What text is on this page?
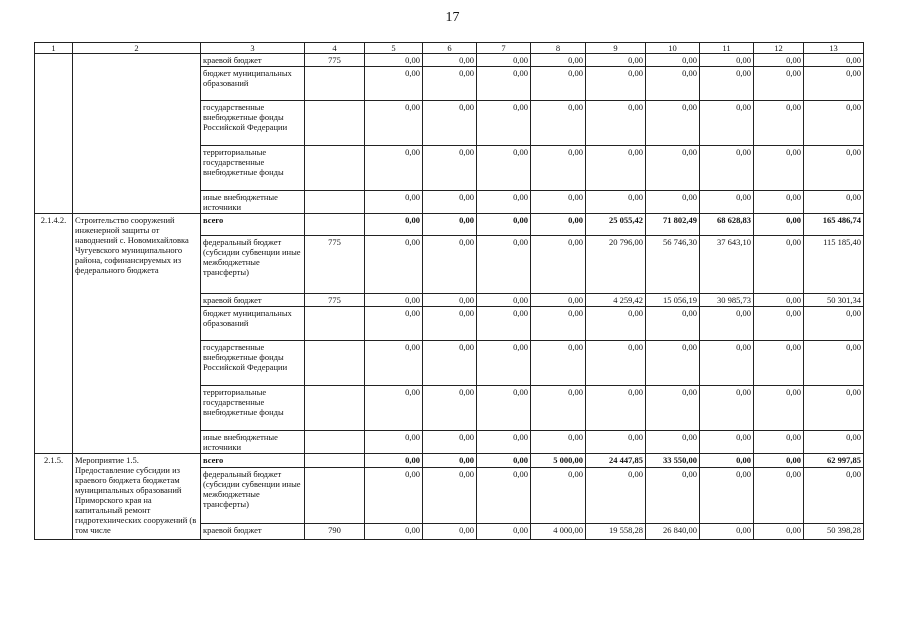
17
1	2	3	4	5	6	7	8	9	10	11	12	13
		краевой бюджет	775	0,00	0,00	0,00	0,00	0,00	0,00	0,00	0,00	0,00
		бюджет муниципальных образований		0,00	0,00	0,00	0,00	0,00	0,00	0,00	0,00	0,00
		государственные внебюджетные фонды Российской Федерации		0,00	0,00	0,00	0,00	0,00	0,00	0,00	0,00	0,00
		территориальные государственные внебюджетные фонды		0,00	0,00	0,00	0,00	0,00	0,00	0,00	0,00	0,00
		иные внебюджетные источники		0,00	0,00	0,00	0,00	0,00	0,00	0,00	0,00	0,00
2.1.4.2.	Строительство сооружений инженерной защиты от наводнений с. Новомихайловка Чугуевского муниципального района, софинансируемых из федерального бюджета	всего		0,00	0,00	0,00	0,00	25 055,42	71 802,49	68 628,83	0,00	165 486,74
		федеральный бюджет (субсидии субвенции иные межбюджетные трансферты)	775	0,00	0,00	0,00	0,00	20 796,00	56 746,30	37 643,10	0,00	115 185,40
		краевой бюджет	775	0,00	0,00	0,00	0,00	4 259,42	15 056,19	30 985,73	0,00	50 301,34
		бюджет муниципальных образований		0,00	0,00	0,00	0,00	0,00	0,00	0,00	0,00	0,00
		государственные внебюджетные фонды Российской Федерации		0,00	0,00	0,00	0,00	0,00	0,00	0,00	0,00	0,00
		территориальные государственные внебюджетные фонды		0,00	0,00	0,00	0,00	0,00	0,00	0,00	0,00	0,00
		иные внебюджетные источники		0,00	0,00	0,00	0,00	0,00	0,00	0,00	0,00	0,00
2.1.5.	Мероприятие 1.5. Предоставление субсидии из краевого бюджета бюджетам муниципальных образований Приморского края на капитальный ремонт гидротехнических сооружений (в том числе	всего		0,00	0,00	0,00	5 000,00	24 447,85	33 550,00	0,00	0,00	62 997,85
		федеральный бюджет (субсидии субвенции иные межбюджетные трансферты)		0,00	0,00	0,00	0,00	0,00	0,00	0,00	0,00	0,00
		краевой бюджет	790	0,00	0,00	0,00	4 000,00	19 558,28	26 840,00	0,00	0,00	50 398,28
